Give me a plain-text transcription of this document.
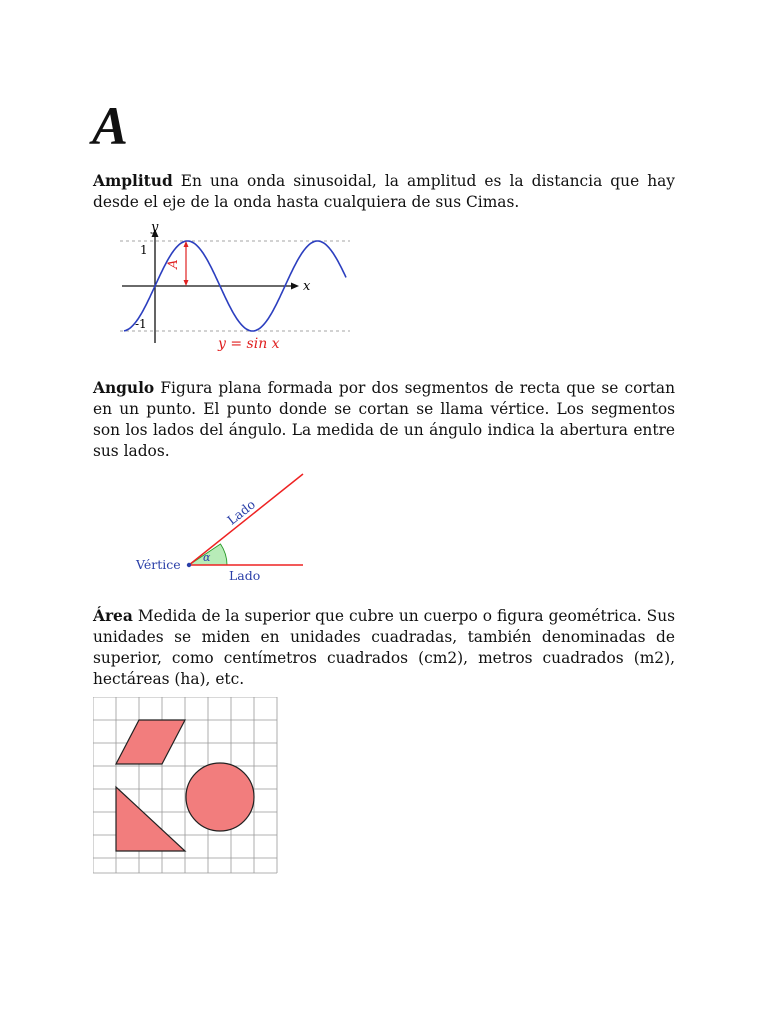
A

Amplitud En una onda sinusoidal, la amplitud es la distancia que hay desde el eje de la onda hasta cualquiera de sus Cimas.

A
y
x
1
-1
y = sin x

Angulo Figura plana formada por dos segmentos de recta que se cortan en un punto. El punto donde se cortan se llama vértice. Los segmentos son los lados del ángulo. La medida de un ángulo indica la abertura entre sus lados.

Vértice
Lado
Lado
α

Área Medida de la superior que cubre un cuerpo o figura geométrica. Sus unidades se miden en unidades cuadradas, también denominadas de superior, como centímetros cuadrados (cm2), metros cuadrados (m2), hectáreas (ha), etc.
